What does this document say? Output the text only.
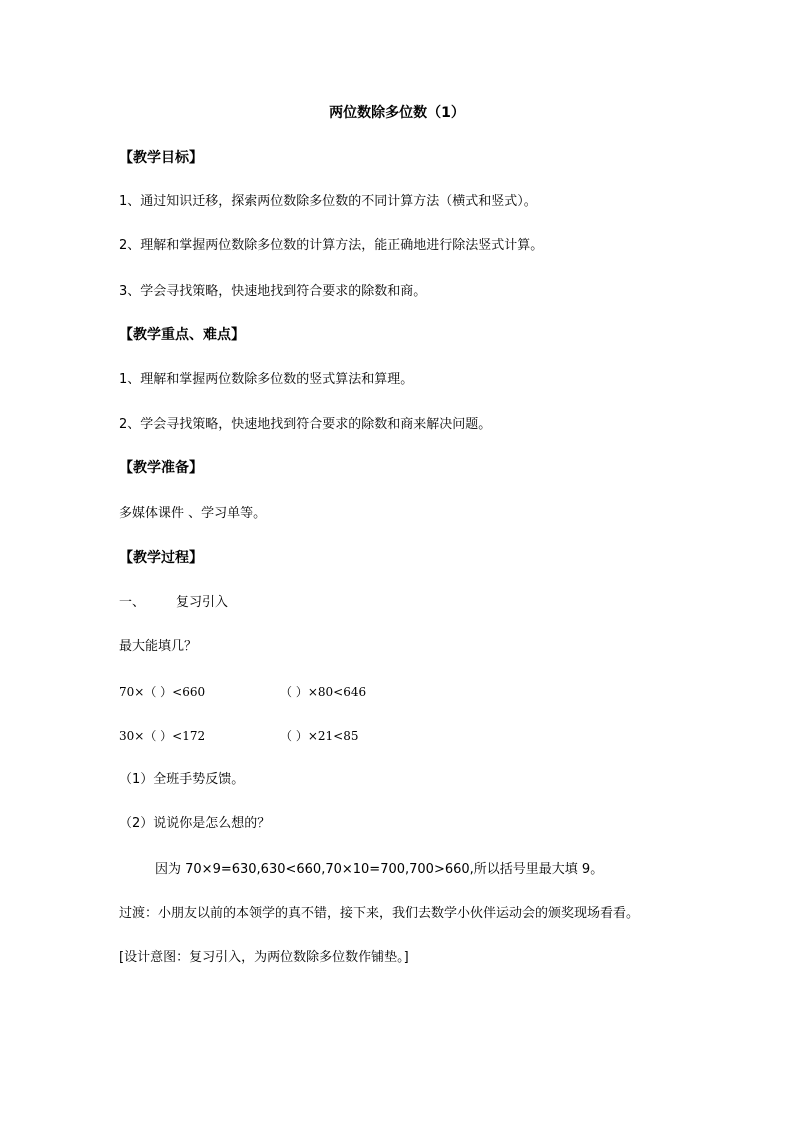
两位数除多位数（1）
【教学目标】
1、通过知识迁移，探索两位数除多位数的不同计算方法（横式和竖式）。
2、理解和掌握两位数除多位数的计算方法，能正确地进行除法竖式计算。
3、学会寻找策略，快速地找到符合要求的除数和商。
【教学重点、难点】
1、理解和掌握两位数除多位数的竖式算法和算理。
2、学会寻找策略，快速地找到符合要求的除数和商来解决问题。
【教学准备】
多媒体课件 、学习单等。
【教学过程】
一、 复习引入
最大能填几？
70×（ ）<660	（ ）×80<646
30×（ ）<172	（ ）×21<85
（1）全班手势反馈。
（2）说说你是怎么想的？
因为 70×9=630,630<660,70×10=700,700>660,所以括号里最大填 9。
过渡：小朋友以前的本领学的真不错，接下来，我们去数学小伙伴运动会的颁奖现场看看。
[设计意图：复习引入，为两位数除多位数作铺垫。]
